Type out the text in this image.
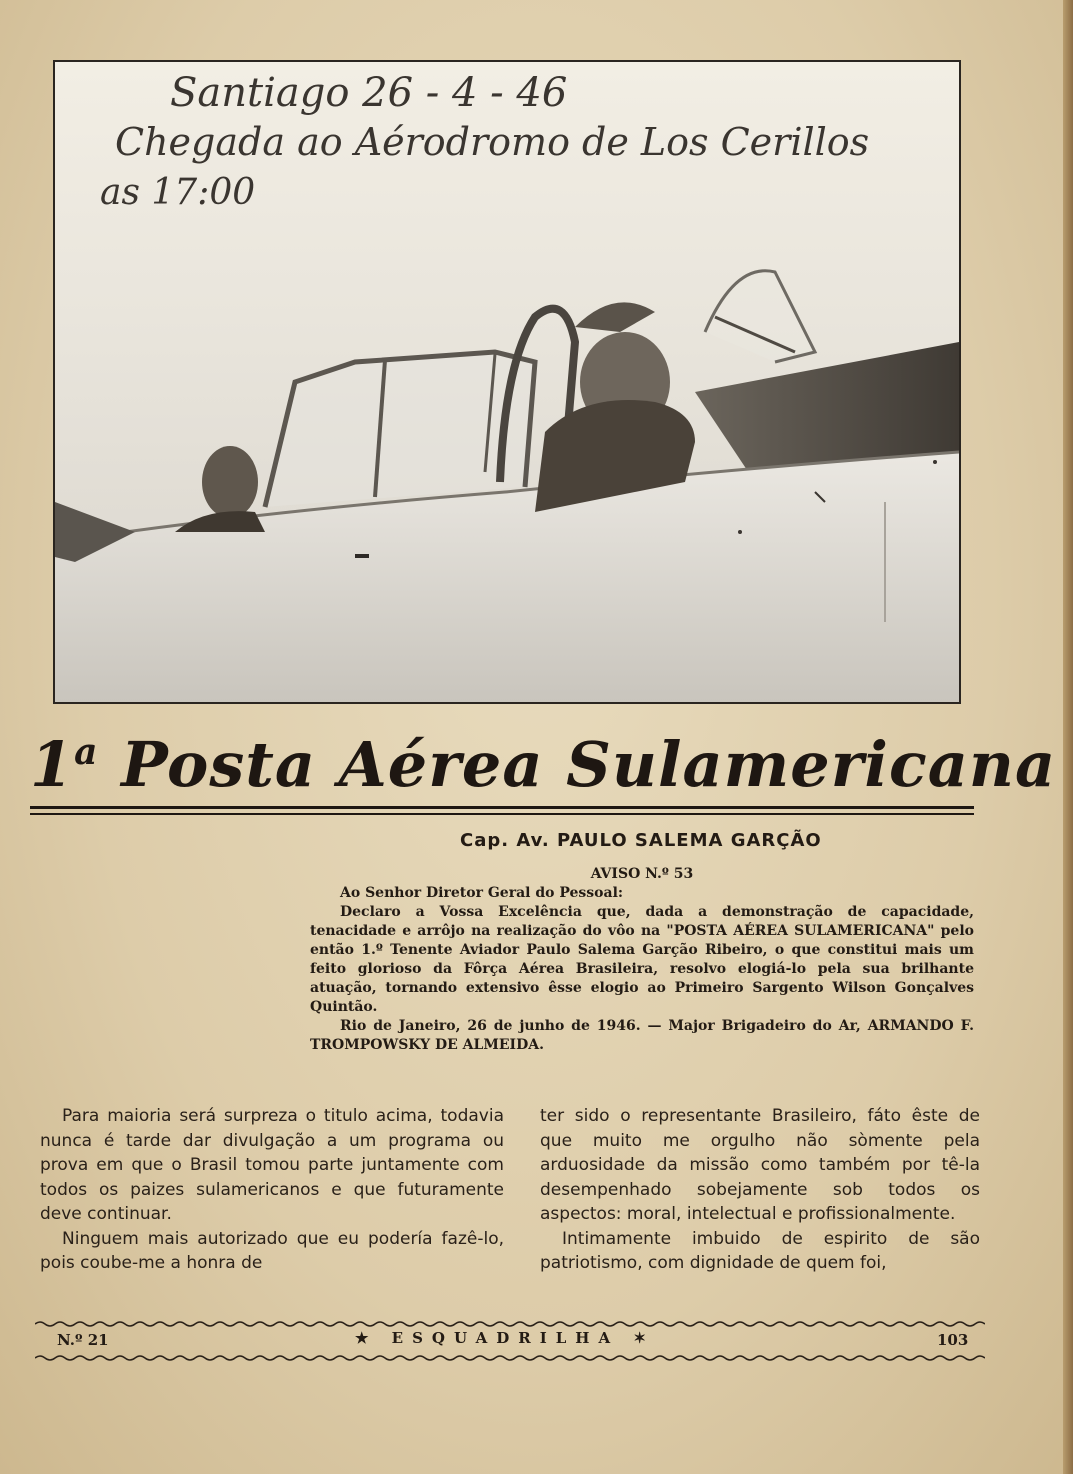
Santiago 26 - 4 - 46
Chegada ao Aérodromo de Los Cerillos
as 17:00
1$^a$ Posta Aérea Sulamericana
Cap. Av. PAULO SALEMA GARÇÃO

AVISO N.º 53

Ao Senhor Diretor Geral do Pessoal:

Declaro a Vossa Excelência que, dada a demonstração de capacidade, tenacidade e arrôjo na realização do vôo na "POSTA AÉREA SULAMERICANA" pelo então 1.º Tenente Aviador Paulo Salema Garção Ribeiro, o que constitui mais um feito glorioso da Fôrça Aérea Brasileira, resolvo elogiá-lo pela sua brilhante atuação, tornando extensivo êsse elogio ao Primeiro Sargento Wilson Gonçalves Quintão.

Rio de Janeiro, 26 de junho de 1946. — Major Brigadeiro do Ar, ARMANDO F. TROMPOWSKY DE ALMEIDA.

Para maioria será surpreza o titulo acima, todavia nunca é tarde dar divulgação a um programa ou prova em que o Brasil tomou parte juntamente com todos os paizes sulamericanos e que futuramente deve continuar.

Ninguem mais autorizado que eu podería fazê-lo, pois coube-me a honra de

ter sido o representante Brasileiro, fáto êste de que muito me orgulho não sòmente pela arduosidade da missão como também por tê-la desempenhado sobejamente sob todos os aspectos: moral, intelectual e profissionalmente.

Intimamente imbuido de espirito de são patriotismo, com dignidade de quem foi,

N.º 21	★ ESQUADRILHA ✶	103
